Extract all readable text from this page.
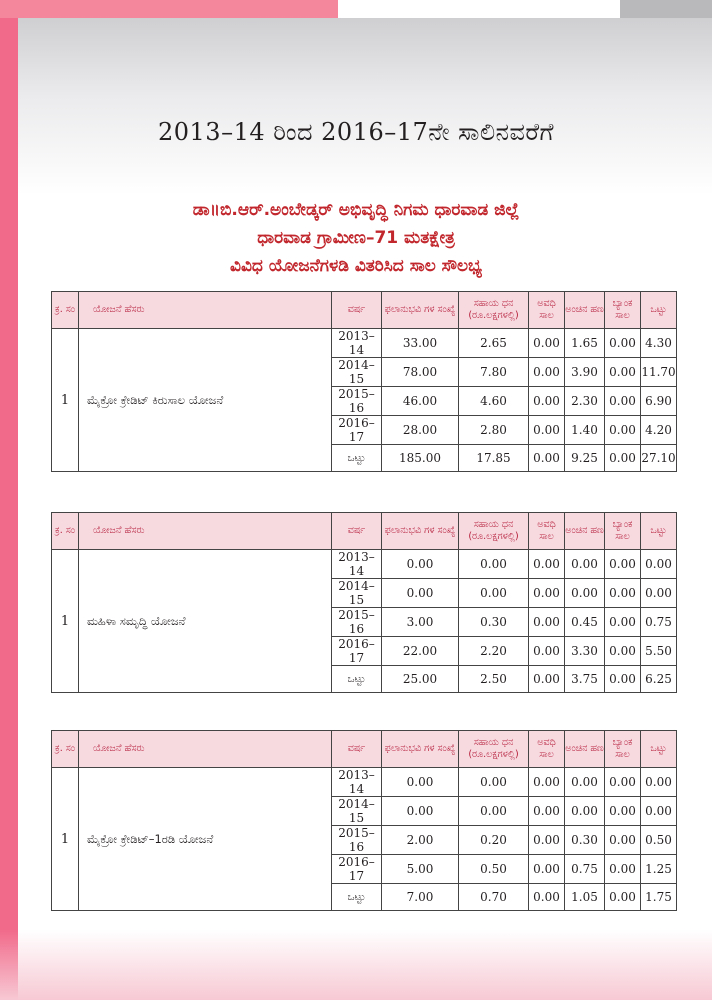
2013–14 ರಿಂದ 2016–17ನೇ ಸಾಲಿನವರೆಗೆ
ಡಾ॥ಬಿ.ಆರ್.ಅಂಬೇಡ್ಕರ್ ಅಭಿವೃದ್ಧಿ ನಿಗಮ ಧಾರವಾಡ ಜಿಲ್ಲೆ
ಧಾರವಾಡ ಗ್ರಾಮೀಣ–71 ಮತಕ್ಷೇತ್ರ
ವಿವಿಧ ಯೋಜನೆಗಳಡಿ ವಿತರಿಸಿದ ಸಾಲ ಸೌಲಭ್ಯ
ಕ್ರ. ಸಂ	ಯೋಜನೆ ಹೆಸರು	ವರ್ಷ	ಫಲಾನುಭವಿ ಗಳ ಸಂಖ್ಯೆ	ಸಹಾಯ ಧನ (ರೂ.ಲಕ್ಷಗಳಲ್ಲಿ)	ಅವಧಿ ಸಾಲ	ಅಂಚಿನ ಹಣ	ಬ್ಯಾಂಕ ಸಾಲ	ಒಟ್ಟು
1	ಮೈಕ್ರೋ ಕ್ರೇಡಿಟ್ ಕಿರುಸಾಲ ಯೋಜನೆ	2013–14	33.00	2.65	0.00	1.65	0.00	4.30
		2014–15	78.00	7.80	0.00	3.90	0.00	11.70
		2015–16	46.00	4.60	0.00	2.30	0.00	6.90
		2016–17	28.00	2.80	0.00	1.40	0.00	4.20
		ಒಟ್ಟು	185.00	17.85	0.00	9.25	0.00	27.10
ಕ್ರ. ಸಂ	ಯೋಜನೆ ಹೆಸರು	ವರ್ಷ	ಫಲಾನುಭವಿ ಗಳ ಸಂಖ್ಯೆ	ಸಹಾಯ ಧನ (ರೂ.ಲಕ್ಷಗಳಲ್ಲಿ)	ಅವಧಿ ಸಾಲ	ಅಂಚಿನ ಹಣ	ಬ್ಯಾಂಕ ಸಾಲ	ಒಟ್ಟು
1	ಮಹಿಳಾ ಸಮೃದ್ಧಿ ಯೋಜನೆ	2013–14	0.00	0.00	0.00	0.00	0.00	0.00
		2014–15	0.00	0.00	0.00	0.00	0.00	0.00
		2015–16	3.00	0.30	0.00	0.45	0.00	0.75
		2016–17	22.00	2.20	0.00	3.30	0.00	5.50
		ಒಟ್ಟು	25.00	2.50	0.00	3.75	0.00	6.25
ಕ್ರ. ಸಂ	ಯೋಜನೆ ಹೆಸರು	ವರ್ಷ	ಫಲಾನುಭವಿ ಗಳ ಸಂಖ್ಯೆ	ಸಹಾಯ ಧನ (ರೂ.ಲಕ್ಷಗಳಲ್ಲಿ)	ಅವಧಿ ಸಾಲ	ಅಂಚಿನ ಹಣ	ಬ್ಯಾಂಕ ಸಾಲ	ಒಟ್ಟು
1	ಮೈಕ್ರೋ ಕ್ರೇಡಿಟ್–1ರಡಿ ಯೋಜನೆ	2013–14	0.00	0.00	0.00	0.00	0.00	0.00
		2014–15	0.00	0.00	0.00	0.00	0.00	0.00
		2015–16	2.00	0.20	0.00	0.30	0.00	0.50
		2016–17	5.00	0.50	0.00	0.75	0.00	1.25
		ಒಟ್ಟು	7.00	0.70	0.00	1.05	0.00	1.75
